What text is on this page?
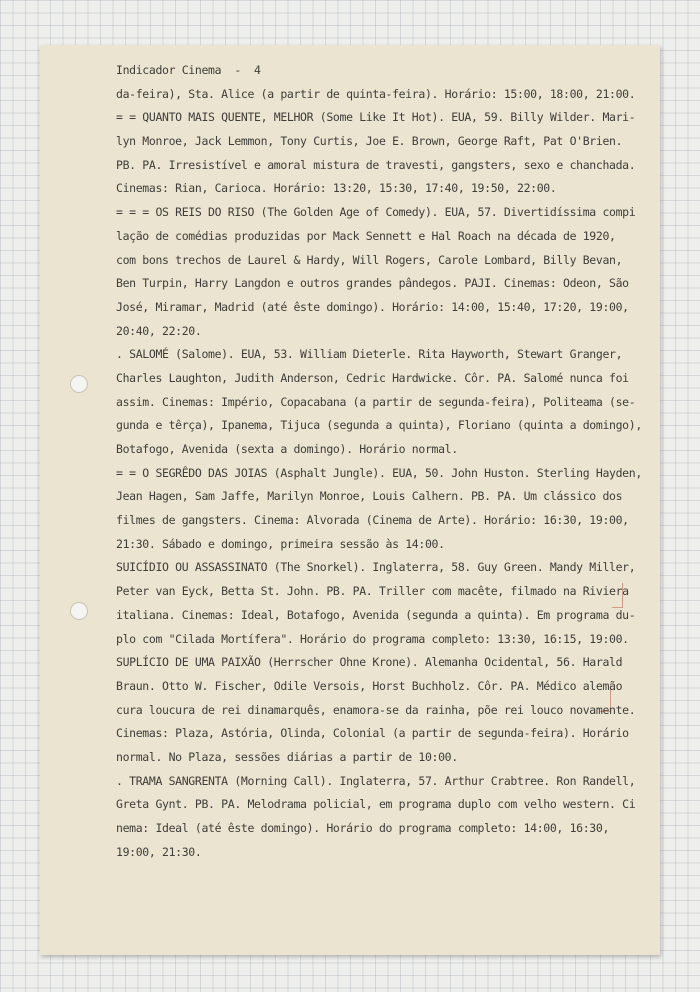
Indicador Cinema  -  4
da-feira), Sta. Alice (a partir de quinta-feira). Horário: 15:00, 18:00, 21:00.
= = QUANTO MAIS QUENTE, MELHOR (Some Like It Hot). EUA, 59. Billy Wilder. Mari-
lyn Monroe, Jack Lemmon, Tony Curtis, Joe E. Brown, George Raft, Pat O'Brien.
PB. PA. Irresistível e amoral mistura de travesti, gangsters, sexo e chanchada.
Cinemas: Rian, Carioca. Horário: 13:20, 15:30, 17:40, 19:50, 22:00.
= = = OS REIS DO RISO (The Golden Age of Comedy). EUA, 57. Divertidíssima compi
lação de comédias produzidas por Mack Sennett e Hal Roach na década de 1920,
com bons trechos de Laurel & Hardy, Will Rogers, Carole Lombard, Billy Bevan,
Ben Turpin, Harry Langdon e outros grandes pândegos. PAJI. Cinemas: Odeon, São
José, Miramar, Madrid (até êste domingo). Horário: 14:00, 15:40, 17:20, 19:00,
20:40, 22:20.
. SALOMÉ (Salome). EUA, 53. William Dieterle. Rita Hayworth, Stewart Granger,
Charles Laughton, Judith Anderson, Cedric Hardwicke. Côr. PA. Salomé nunca foi
assim. Cinemas: Império, Copacabana (a partir de segunda-feira), Politeama (se-
gunda e têrça), Ipanema, Tijuca (segunda a quinta), Floriano (quinta a domingo),
Botafogo, Avenida (sexta a domingo). Horário normal.
= = O SEGRÊDO DAS JOIAS (Asphalt Jungle). EUA, 50. John Huston. Sterling Hayden,
Jean Hagen, Sam Jaffe, Marilyn Monroe, Louis Calhern. PB. PA. Um clássico dos
filmes de gangsters. Cinema: Alvorada (Cinema de Arte). Horário: 16:30, 19:00,
21:30. Sábado e domingo, primeira sessão às 14:00.
SUICÍDIO OU ASSASSINATO (The Snorkel). Inglaterra, 58. Guy Green. Mandy Miller,
Peter van Eyck, Betta St. John. PB. PA. Triller com macête, filmado na Riviera
italiana. Cinemas: Ideal, Botafogo, Avenida (segunda a quinta). Em programa du-
plo com "Cilada Mortífera". Horário do programa completo: 13:30, 16:15, 19:00.
SUPLÍCIO DE UMA PAIXÃO (Herrscher Ohne Krone). Alemanha Ocidental, 56. Harald
Braun. Otto W. Fischer, Odile Versois, Horst Buchholz. Côr. PA. Médico alemão
cura loucura de rei dinamarquês, enamora-se da rainha, põe rei louco novamente.
Cinemas: Plaza, Astória, Olinda, Colonial (a partir de segunda-feira). Horário
normal. No Plaza, sessões diárias a partir de 10:00.
. TRAMA SANGRENTA (Morning Call). Inglaterra, 57. Arthur Crabtree. Ron Randell,
Greta Gynt. PB. PA. Melodrama policial, em programa duplo com velho western. Ci
nema: Ideal (até êste domingo). Horário do programa completo: 14:00, 16:30,
19:00, 21:30.
